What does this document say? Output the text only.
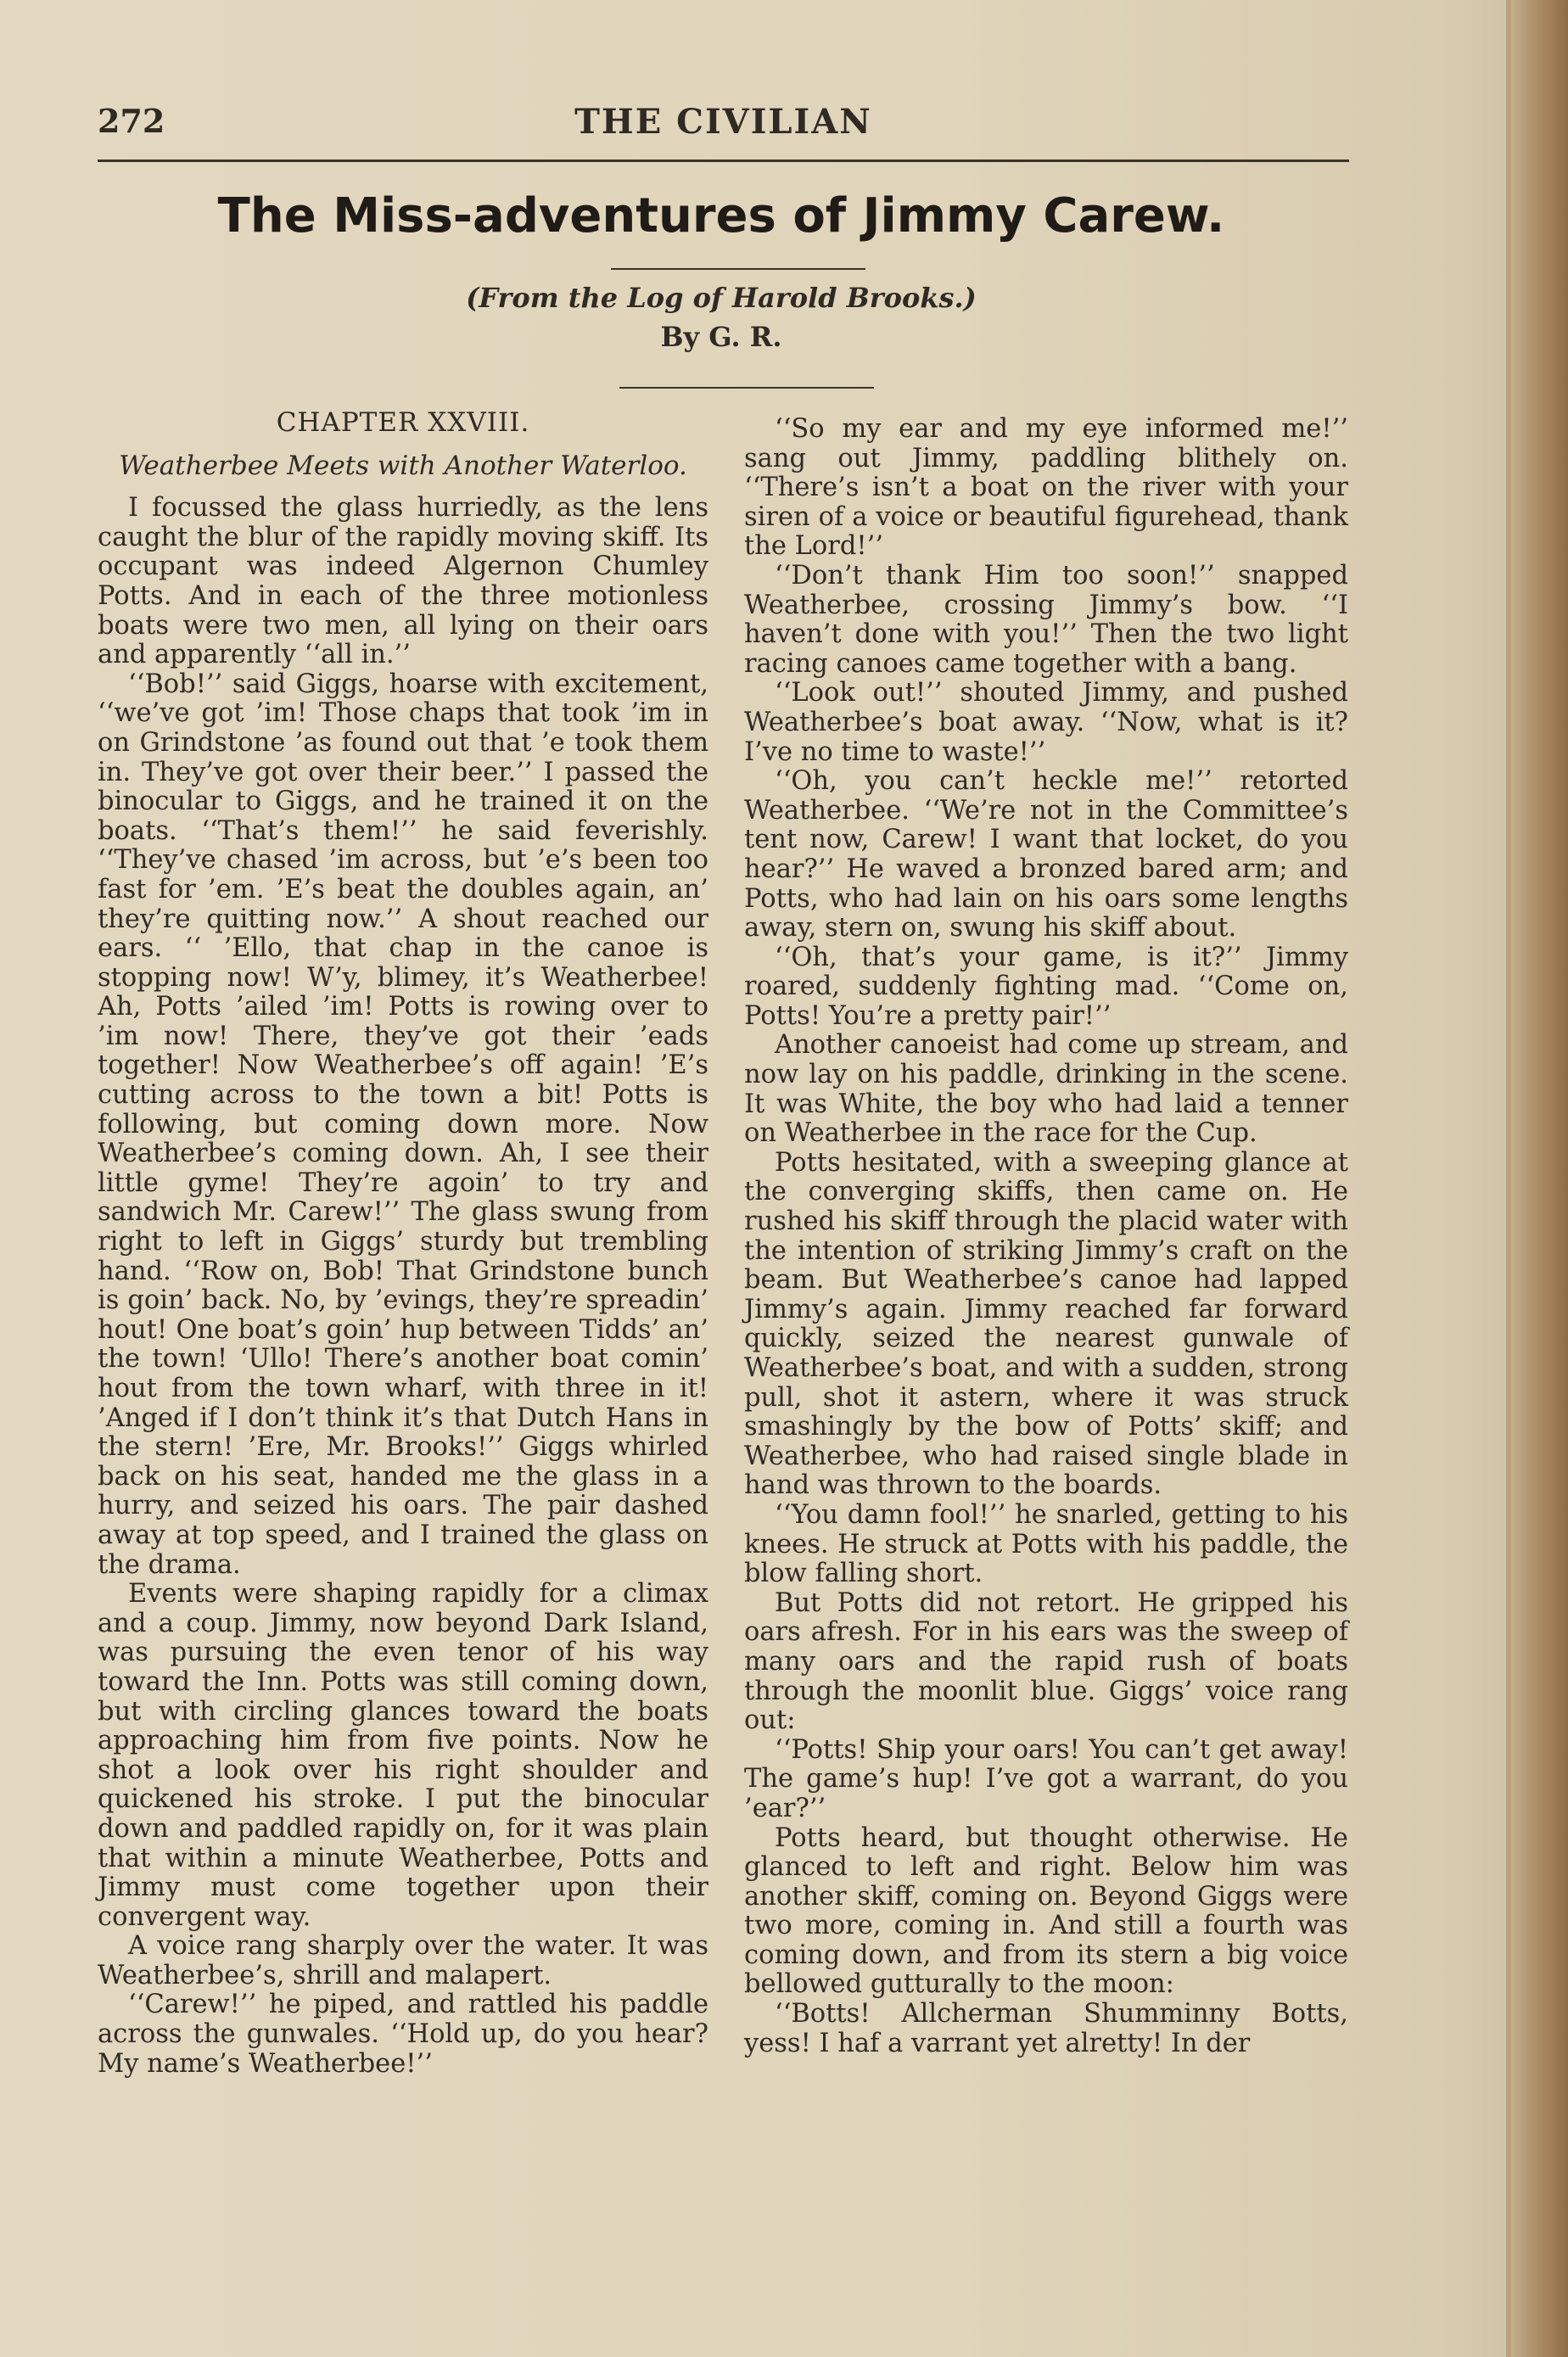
272	THE CIVILIAN
The Miss-adventures of Jimmy Carew.
(From the Log of Harold Brooks.)
By G. R.
CHAPTER XXVIII.
Weatherbee Meets with Another Waterloo.

I focussed the glass hurriedly, as the lens caught the blur of the rapidly moving skiff. Its occupant was indeed Algernon Chumley Potts. And in each of the three motionless boats were two men, all lying on their oars and apparently ‘‘all in.’’

‘‘Bob!’’ said Giggs, hoarse with excitement, ‘‘we’ve got ’im! Those chaps that took ’im in on Grindstone ’as found out that ’e took them in. They’ve got over their beer.’’ I passed the binocular to Giggs, and he trained it on the boats. ‘‘That’s them!’’ he said feverishly. ‘‘They’ve chased ’im across, but ’e’s been too fast for ’em. ’E’s beat the doubles again, an’ they’re quitting now.’’ A shout reached our ears. ‘‘ ’Ello, that chap in the canoe is stopping now! W’y, blimey, it’s Weatherbee! Ah, Potts ’ailed ’im! Potts is rowing over to ’im now! There, they’ve got their ’eads together! Now Weatherbee’s off again! ’E’s cutting across to the town a bit! Potts is following, but coming down more. Now Weatherbee’s coming down. Ah, I see their little gyme! They’re agoin’ to try and sandwich Mr. Carew!’’ The glass swung from right to left in Giggs’ sturdy but trembling hand. ‘‘Row on, Bob! That Grindstone bunch is goin’ back. No, by ’evings, they’re spreadin’ hout! One boat’s goin’ hup between Tidds’ an’ the town! ‘Ullo! There’s another boat comin’ hout from the town wharf, with three in it! ’Anged if I don’t think it’s that Dutch Hans in the stern! ’Ere, Mr. Brooks!’’ Giggs whirled back on his seat, handed me the glass in a hurry, and seized his oars. The pair dashed away at top speed, and I trained the glass on the drama.

Events were shaping rapidly for a climax and a coup. Jimmy, now beyond Dark Island, was pursuing the even tenor of his way toward the Inn. Potts was still coming down, but with circling glances toward the boats approaching him from five points. Now he shot a look over his right shoulder and quickened his stroke. I put the binocular down and paddled rapidly on, for it was plain that within a minute Weatherbee, Potts and Jimmy must come together upon their convergent way.

A voice rang sharply over the water. It was Weatherbee’s, shrill and malapert.

‘‘Carew!’’ he piped, and rattled his paddle across the gunwales. ‘‘Hold up, do you hear? My name’s Weatherbee!’’

‘‘So my ear and my eye informed me!’’ sang out Jimmy, paddling blithely on. ‘‘There’s isn’t a boat on the river with your siren of a voice or beautiful figurehead, thank the Lord!’’

‘‘Don’t thank Him too soon!’’ snapped Weatherbee, crossing Jimmy’s bow. ‘‘I haven’t done with you!’’ Then the two light racing canoes came together with a bang.

‘‘Look out!’’ shouted Jimmy, and pushed Weatherbee’s boat away. ‘‘Now, what is it? I’ve no time to waste!’’

‘‘Oh, you can’t heckle me!’’ retorted Weatherbee. ‘‘We’re not in the Committee’s tent now, Carew! I want that locket, do you hear?’’ He waved a bronzed bared arm; and Potts, who had lain on his oars some lengths away, stern on, swung his skiff about.

‘‘Oh, that’s your game, is it?’’ Jimmy roared, suddenly fighting mad. ‘‘Come on, Potts! You’re a pretty pair!’’

Another canoeist had come up stream, and now lay on his paddle, drinking in the scene. It was White, the boy who had laid a tenner on Weatherbee in the race for the Cup.

Potts hesitated, with a sweeping glance at the converging skiffs, then came on. He rushed his skiff through the placid water with the intention of striking Jimmy’s craft on the beam. But Weatherbee’s canoe had lapped Jimmy’s again. Jimmy reached far forward quickly, seized the nearest gunwale of Weatherbee’s boat, and with a sudden, strong pull, shot it astern, where it was struck smashingly by the bow of Potts’ skiff; and Weatherbee, who had raised single blade in hand was thrown to the boards.

‘‘You damn fool!’’ he snarled, getting to his knees. He struck at Potts with his paddle, the blow falling short.

But Potts did not retort. He gripped his oars afresh. For in his ears was the sweep of many oars and the rapid rush of boats through the moonlit blue. Giggs’ voice rang out:

‘‘Potts! Ship your oars! You can’t get away! The game’s hup! I’ve got a warrant, do you ’ear?’’

Potts heard, but thought otherwise. He glanced to left and right. Below him was another skiff, coming on. Beyond Giggs were two more, coming in. And still a fourth was coming down, and from its stern a big voice bellowed gutturally to the moon:

‘‘Botts! Allcherman Shumminny Botts, yess! I haf a varrant yet alretty! In der
